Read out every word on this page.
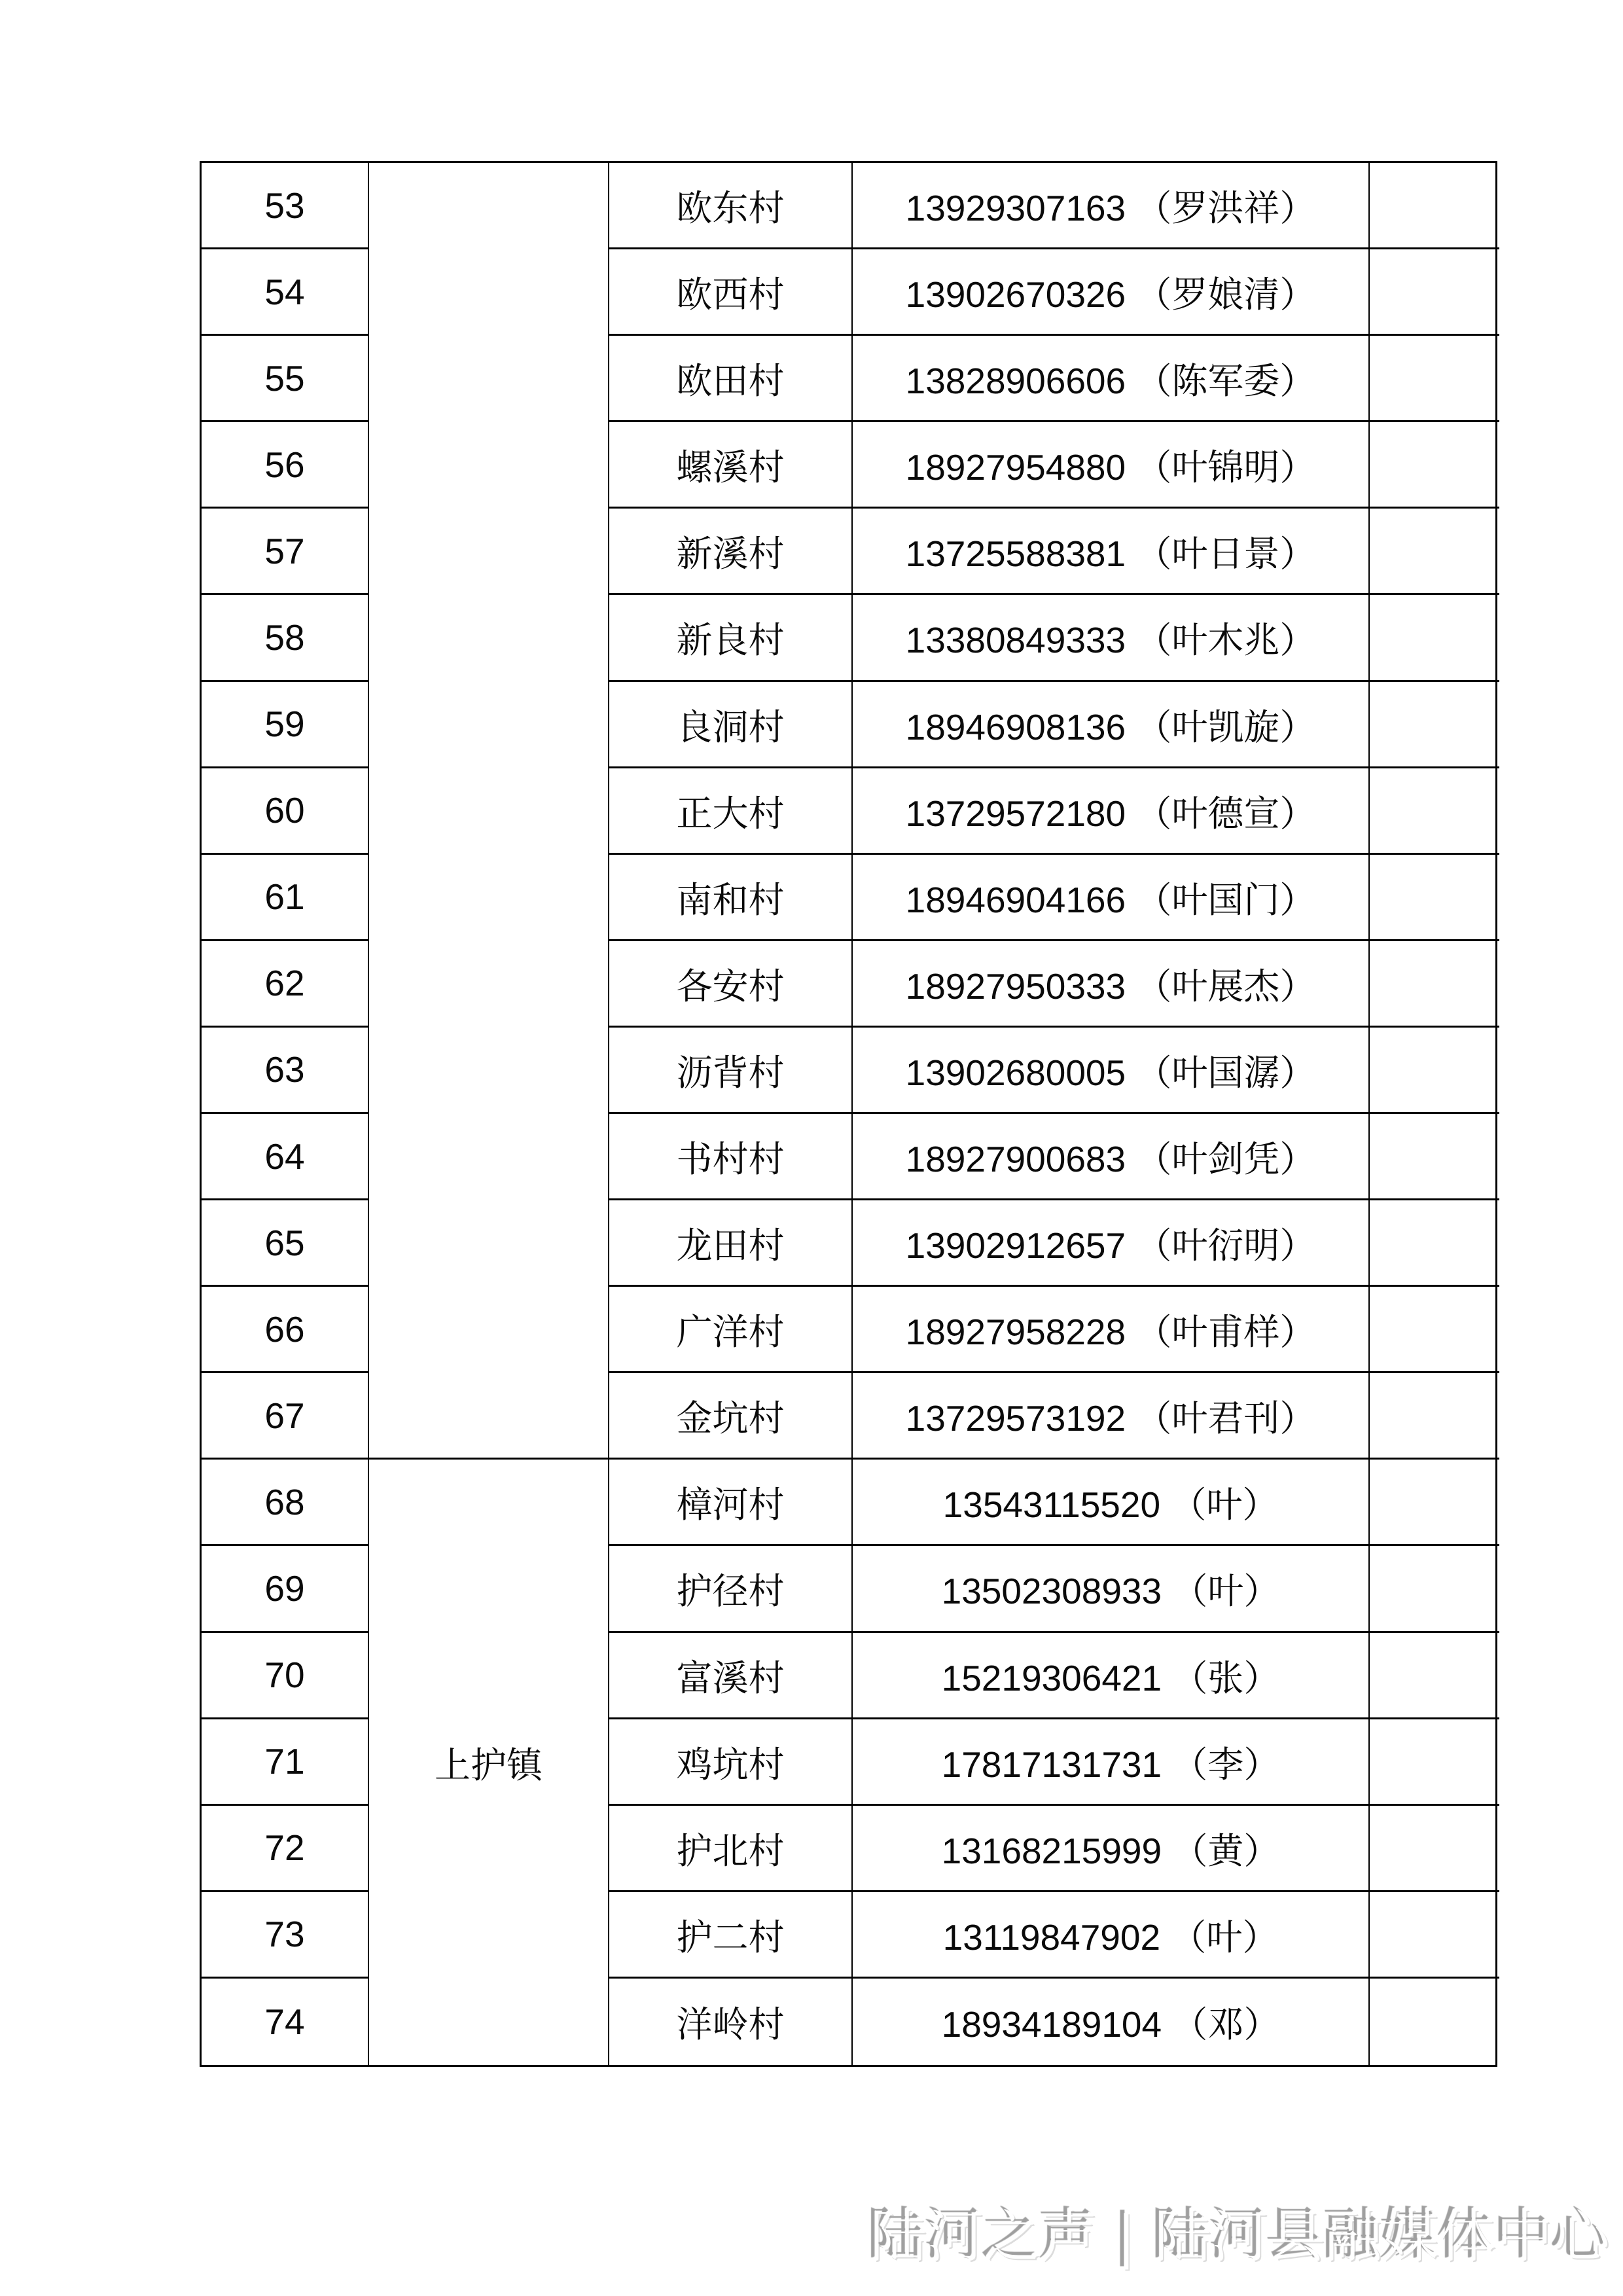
53	欧东村	13929307163 （罗洪祥）
54	欧西村	13902670326 （罗娘清）
55	欧田村	13828906606 （陈军委）
56	螺溪村	18927954880 （叶锦明）
57	新溪村	13725588381 （叶日景）
58	新良村	13380849333 （叶木兆）
59	良洞村	18946908136 （叶凯旋）
60	正大村	13729572180 （叶德宣）
61	南和村	18946904166 （叶国门）
62	各安村	18927950333 （叶展杰）
63	沥背村	13902680005 （叶国潺）
64	书村村	18927900683 （叶剑凭）
65	龙田村	13902912657 （叶衍明）
66	广洋村	18927958228 （叶甫样）
67	金坑村	13729573192 （叶君刊）
上护镇
68	樟河村	13543115520 （叶）
69	护径村	13502308933 （叶）
70	富溪村	15219306421 （张）
71	鸡坑村	17817131731 （李）
72	护北村	13168215999 （黄）
73	护二村	13119847902 （叶）
74	洋岭村	18934189104 （邓）
陆河之声 | 陆河县融媒体中心
